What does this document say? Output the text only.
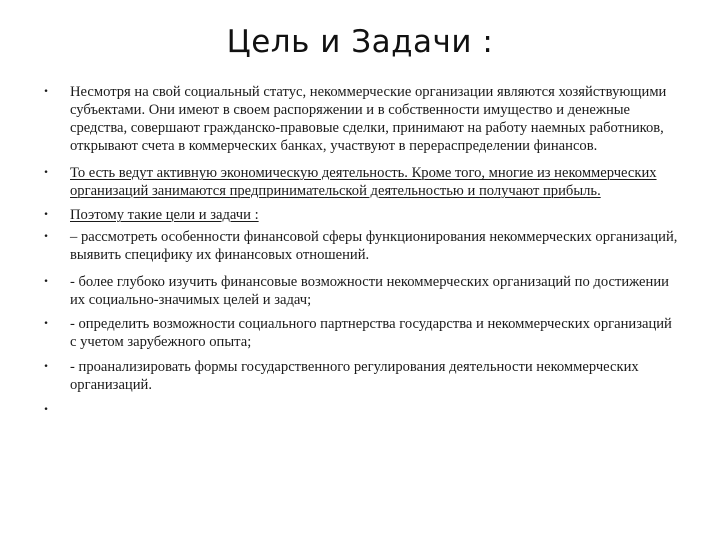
Цель и Задачи :
• Несмотря на свой социальный статус, некоммерческие организации являются хозяйствующими субъектами. Они имеют в своем распоряжении и в собственности имущество и денежные средства, совершают гражданско-правовые сделки, принимают на работу наемных работников, открывают счета в коммерческих банках, участвуют в перераспределении финансов.
• То есть ведут активную экономическую деятельность. Кроме того, многие из некоммерческих организаций занимаются предпринимательской деятельностью и получают прибыль.
• Поэтому такие цели и задачи :
• – рассмотреть особенности финансовой сферы функционирования некоммерческих организаций, выявить специфику их финансовых отношений.
• - более глубоко изучить финансовые возможности некоммерческих организаций по достижении их социально-значимых целей и задач;
• - определить возможности социального партнерства государства и некоммерческих организаций с учетом зарубежного опыта;
• - проанализировать формы государственного регулирования деятельности некоммерческих организаций.
•
